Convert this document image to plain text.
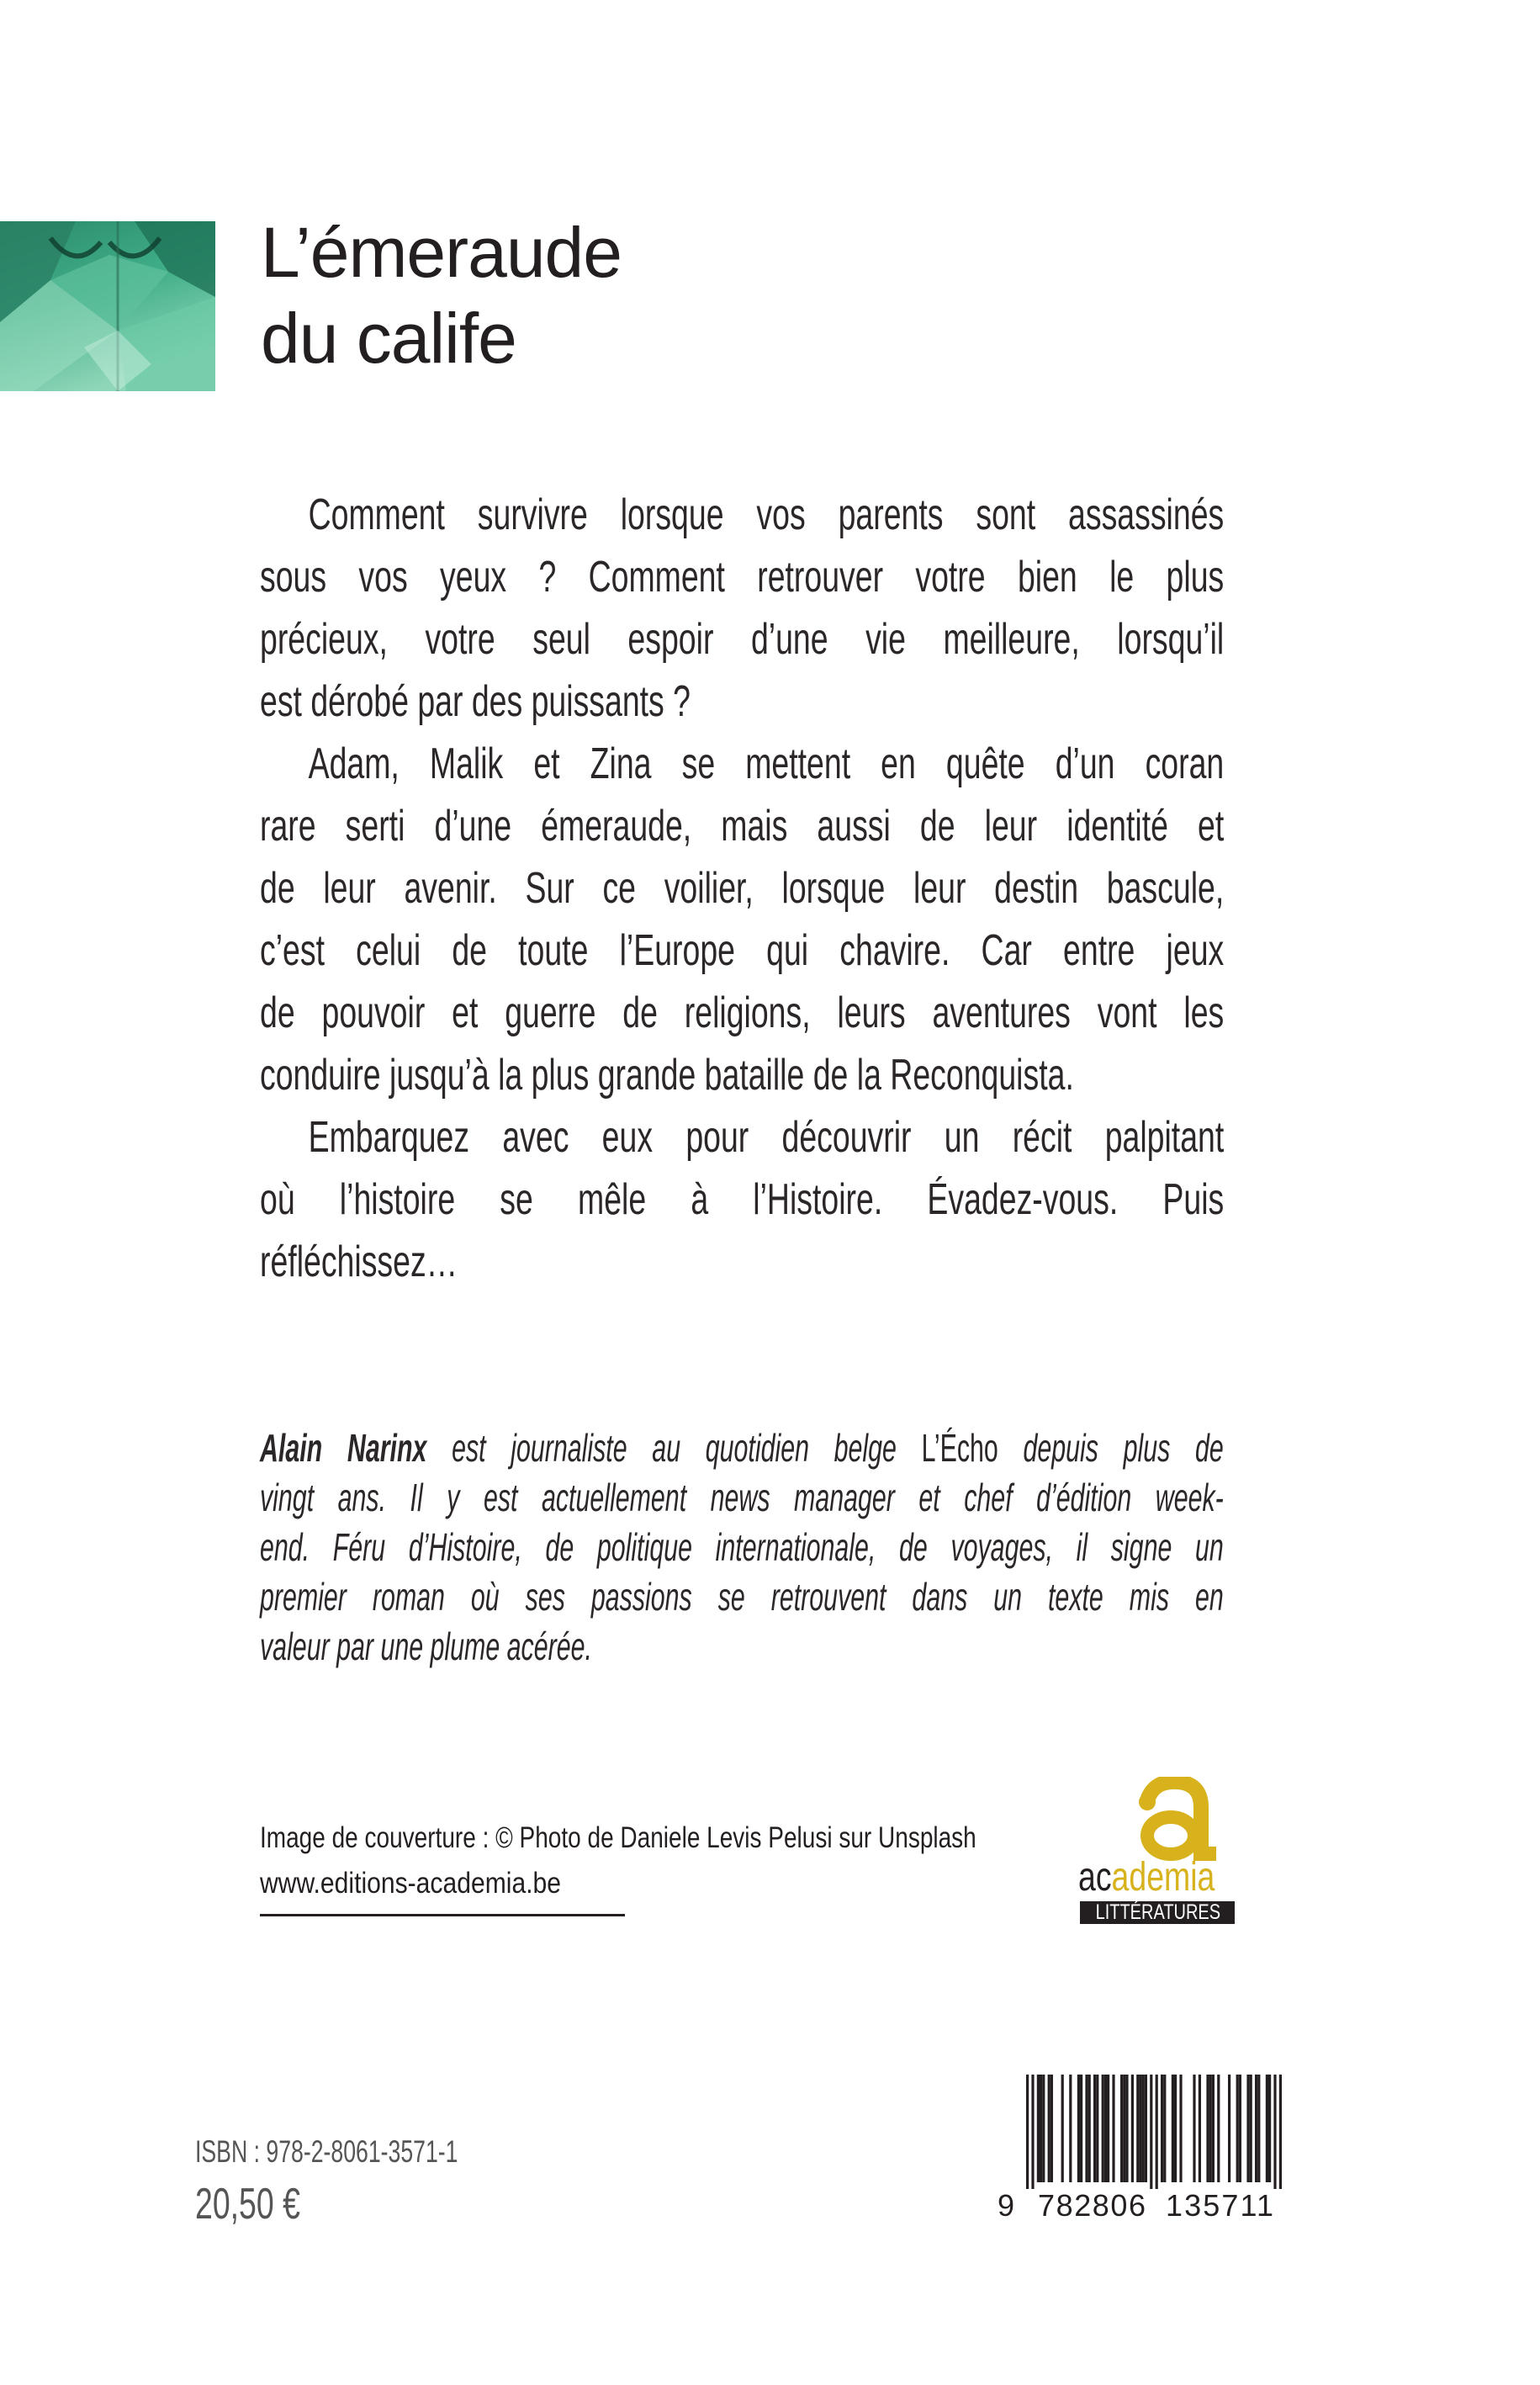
L’émeraude
du calife
Comment survivre lorsque vos parents sont assassinés
sous vos yeux ? Comment retrouver votre bien le plus
précieux, votre seul espoir d’une vie meilleure, lorsqu’il
est dérobé par des puissants ?
Adam, Malik et Zina se mettent en quête d’un coran
rare serti d’une émeraude, mais aussi de leur identité et
de leur avenir. Sur ce voilier, lorsque leur destin bascule,
c’est celui de toute l’Europe qui chavire. Car entre jeux
de pouvoir et guerre de religions, leurs aventures vont les
conduire jusqu’à la plus grande bataille de la Reconquista.
Embarquez avec eux pour découvrir un récit palpitant
où l’histoire se mêle à l’Histoire. Évadez-vous. Puis
réfléchissez…
Alain Narinx est journaliste au quotidien belge L’Écho depuis plus de
vingt ans. Il y est actuellement news manager et chef d’édition week-
end. Féru d’Histoire, de politique internationale, de voyages, il signe un
premier roman où ses passions se retrouvent dans un texte mis en
valeur par une plume acérée.
Image de couverture : © Photo de Daniele Levis Pelusi sur Unsplash
www.editions-academia.be	academia
LITTÉRATURES
ISBN : 978-2-8061-3571-1
20,50 €	9 782806 135711
